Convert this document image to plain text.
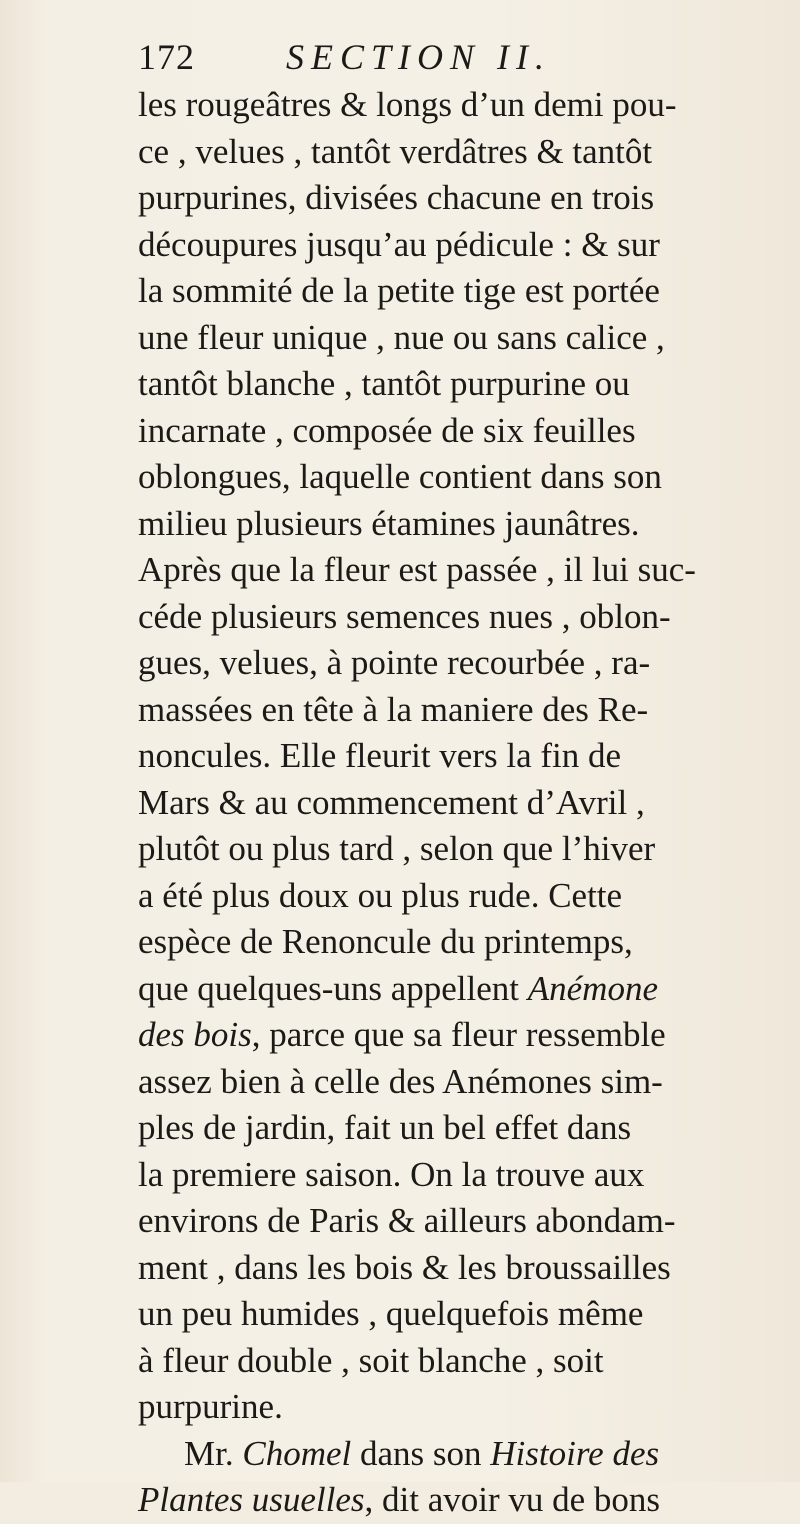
172	SECTION II.
les rougeâtres & longs d’un demi pou-
ce , velues , tantôt verdâtres & tantôt
purpurines, divisées chacune en trois
découpures jusqu’au pédicule : & sur
la sommité de la petite tige est portée
une fleur unique , nue ou sans calice ,
tantôt blanche , tantôt purpurine ou
incarnate , composée de six feuilles
oblongues, laquelle contient dans son
milieu plusieurs étamines jaunâtres.
Après que la fleur est passée , il lui suc-
céde plusieurs semences nues , oblon-
gues, velues, à pointe recourbée , ra-
massées en tête à la maniere des Re-
noncules. Elle fleurit vers la fin de
Mars & au commencement d’Avril ,
plutôt ou plus tard , selon que l’hiver
a été plus doux ou plus rude. Cette
espèce de Renoncule du printemps,
que quelques-uns appellent Anémone
des bois, parce que sa fleur ressemble
assez bien à celle des Anémones sim-
ples de jardin, fait un bel effet dans
la premiere saison. On la trouve aux
environs de Paris & ailleurs abondam-
ment , dans les bois & les broussailles
un peu humides , quelquefois même
à fleur double , soit blanche , soit
purpurine.
Mr. Chomel dans son Histoire des
Plantes usuelles, dit avoir vu de bons
